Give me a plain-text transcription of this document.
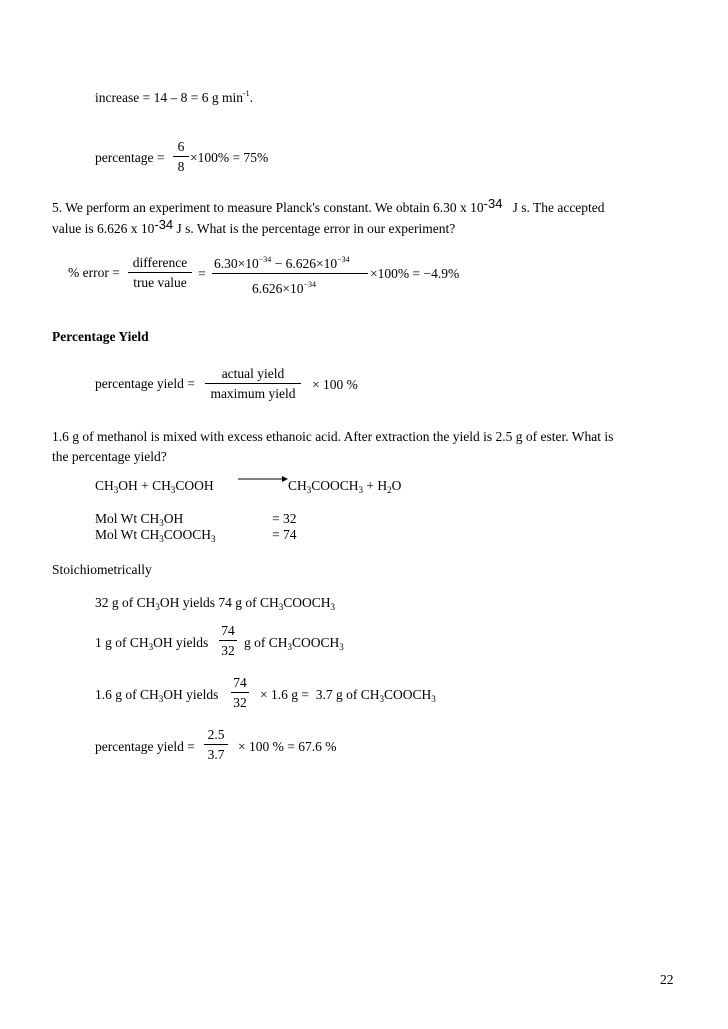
increase = 14 – 8 = 6 g $\min^{-1}$.
percentage = $\frac{6}{8} \times 100\% = 75\%$
5. We perform an experiment to measure Planck's constant. We obtain 6.30 x 10-34 J s. The accepted
value is 6.626 x 10-34 J s. What is the percentage error in our experiment?
% error =
difference
true value
=
$6.30\times 10^{-34} - 6.626\times 10^{-34}$
$6.626\times 10^{-34}$
×100% = −4.9%
Percentage Yield
percentage yield =
actual yield
maximum yield
× 100 %
1.6 g of methanol is mixed with excess ethanoic acid. After extraction the yield is 2.5 g of ester. What is
the percentage yield?
$CH_3OH$ + $CH_3COOH$ → $CH_3COOCH_3 + H_2O$
Mol Wt $CH_3OH$	= 32
Mol Wt $CH_3COOCH_3$	= 74
Stoichiometrically
32 g of $CH_3OH$ yields 74 g of $CH_3COOCH_3$
1 g of $CH_3OH$ yields $\frac{74}{32}$ g of $CH_3COOCH_3$
1.6 g of $CH_3OH$ yields $\frac{74}{32} \times 1.6$ g =  3.7 g of $CH_3COOCH_3$
percentage yield = $\frac{2.5}{3.7} \times 100$ % = 67.6 %
22
